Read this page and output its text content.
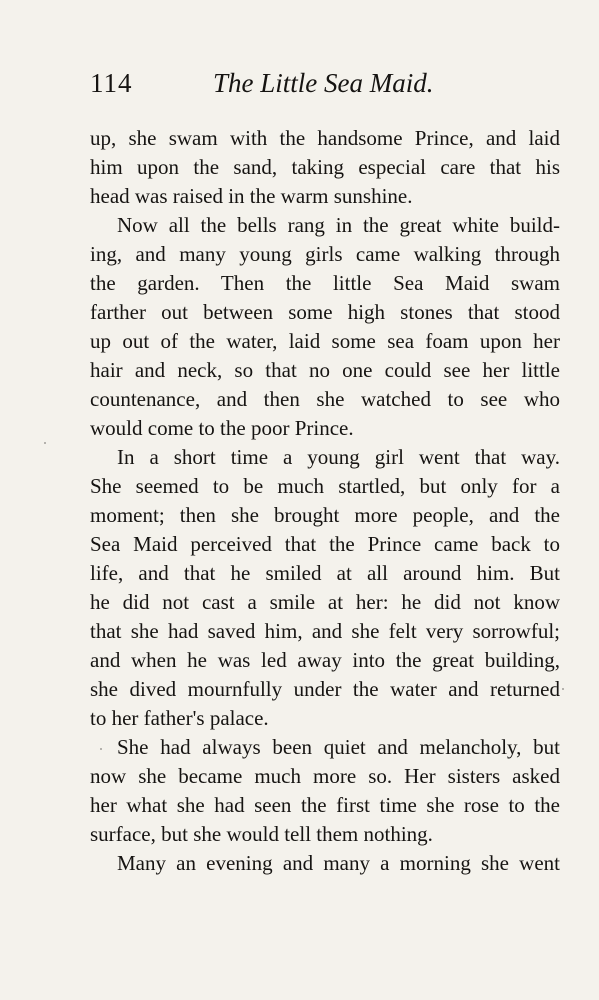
114	The Little Sea Maid.
up, she swam with the handsome Prince, and laid
him upon the sand, taking especial care that his
head was raised in the warm sunshine.
Now all the bells rang in the great white build-
ing, and many young girls came walking through
the garden. Then the little Sea Maid swam
farther out between some high stones that stood
up out of the water, laid some sea foam upon her
hair and neck, so that no one could see her little
countenance, and then she watched to see who
would come to the poor Prince.
In a short time a young girl went that way.
She seemed to be much startled, but only for a
moment; then she brought more people, and the
Sea Maid perceived that the Prince came back to
life, and that he smiled at all around him. But
he did not cast a smile at her: he did not know
that she had saved him, and she felt very sorrowful;
and when he was led away into the great building,
she dived mournfully under the water and returned
to her father's palace.
She had always been quiet and melancholy, but
now she became much more so. Her sisters asked
her what she had seen the first time she rose to the
surface, but she would tell them nothing.
Many an evening and many a morning she went
